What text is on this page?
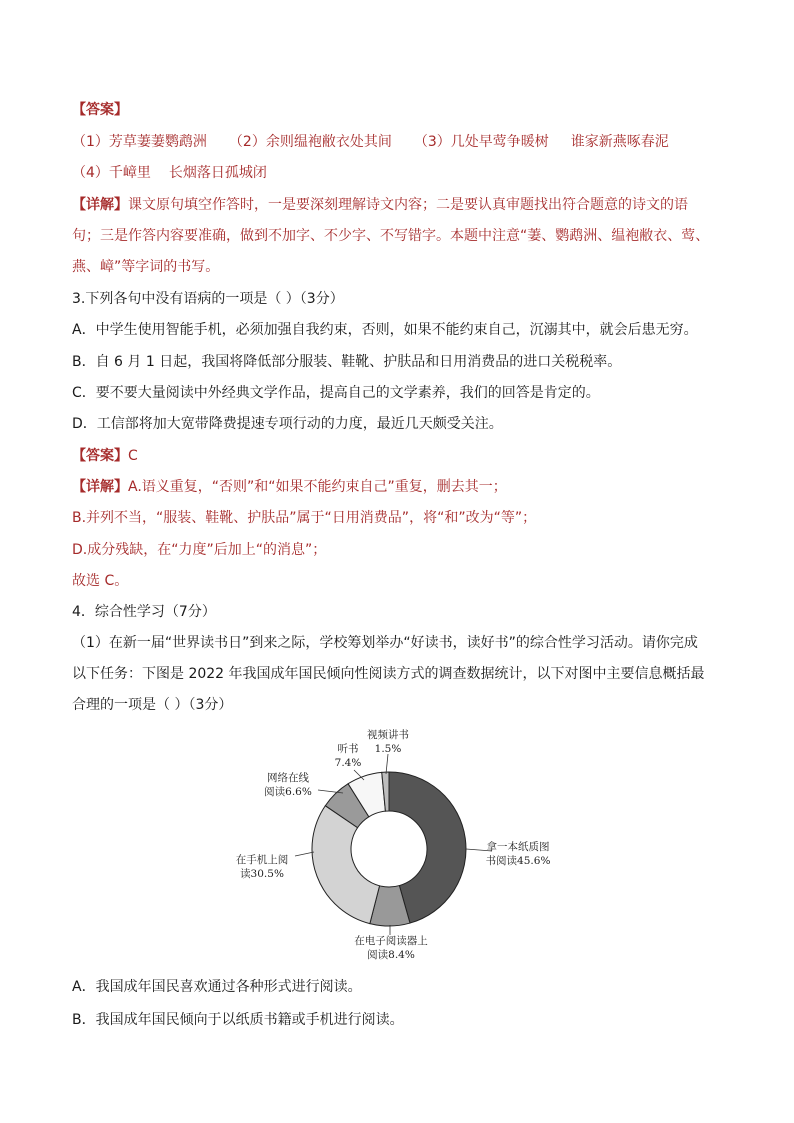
【答案】
（1）芳草萋萋鹦鹉洲 （2）余则缊袍敝衣处其间 （3）几处早莺争暖树 谁家新燕啄春泥
（4）千嶂里 长烟落日孤城闭
【详解】课文原句填空作答时，一是要深刻理解诗文内容；二是要认真审题找出符合题意的诗文的语
句；三是作答内容要准确，做到不加字、不少字、不写错字。本题中注意“萋、鹦鹉洲、缊袍敝衣、莺、
燕、嶂”等字词的书写。
3.下列各句中没有语病的一项是（ ）（3分）
A．中学生使用智能手机，必须加强自我约束，否则，如果不能约束自己，沉溺其中，就会后患无穷。
B．自 6 月 1 日起，我国将降低部分服装、鞋靴、护肤品和日用消费品的进口关税税率。
C．要不要大量阅读中外经典文学作品，提高自己的文学素养，我们的回答是肯定的。
D．工信部将加大宽带降费提速专项行动的力度，最近几天颇受关注。
【答案】C
【详解】A.语义重复，“否则”和“如果不能约束自己”重复，删去其一；
B.并列不当，“服装、鞋靴、护肤品”属于“日用消费品”，将“和”改为“等”；
D.成分残缺，在“力度”后加上“的消息”；
故选 C。
4．综合性学习（7分）
（1）在新一届“世界读书日”到来之际，学校筹划举办“好读书，读好书”的综合性学习活动。请你完成
以下任务：下图是 2022 年我国成年国民倾向性阅读方式的调查数据统计，以下对图中主要信息概括最
合理的一项是（ ）（3分）
拿一本纸质图
书阅读45.6%
在电子阅读器上
阅读8.4%
在手机上阅
读30.5%
网络在线
阅读6.6%
听书
7.4%
视频讲书
1.5%
A．我国成年国民喜欢通过各种形式进行阅读。
B．我国成年国民倾向于以纸质书籍或手机进行阅读。
